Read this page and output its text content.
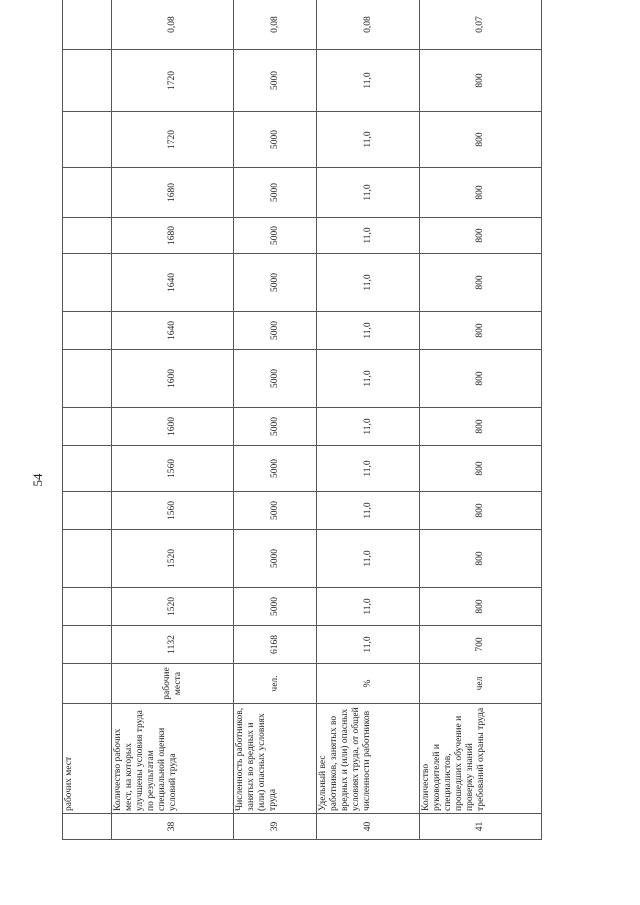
54
	рабочих мест															
38	Количество рабочих мест, на которых улучшены условия труда по результатам специальной оценки условий труда	рабочие места	1132	1520	1520	1560	1560	1600	1600	1640	1640	1680	1680	1720	1720	0,08
39	Численность работников, занятых во вредных и (или) опасных условиях труда	чел.	6168	5000	5000	5000	5000	5000	5000	5000	5000	5000	5000	5000	5000	0,08
40	Удельный вес работников, занятых во вредных и (или) опасных условиях труда, от общей численности работников	%	11,0	11,0	11,0	11,0	11,0	11,0	11,0	11,0	11,0	11,0	11,0	11,0	11,0	0,08
41	Количество руководителей и специалистов, прошедших обучение и проверку знаний требований охраны труда	чел	700	800	800	800	800	800	800	800	800	800	800	800	800	0,07
